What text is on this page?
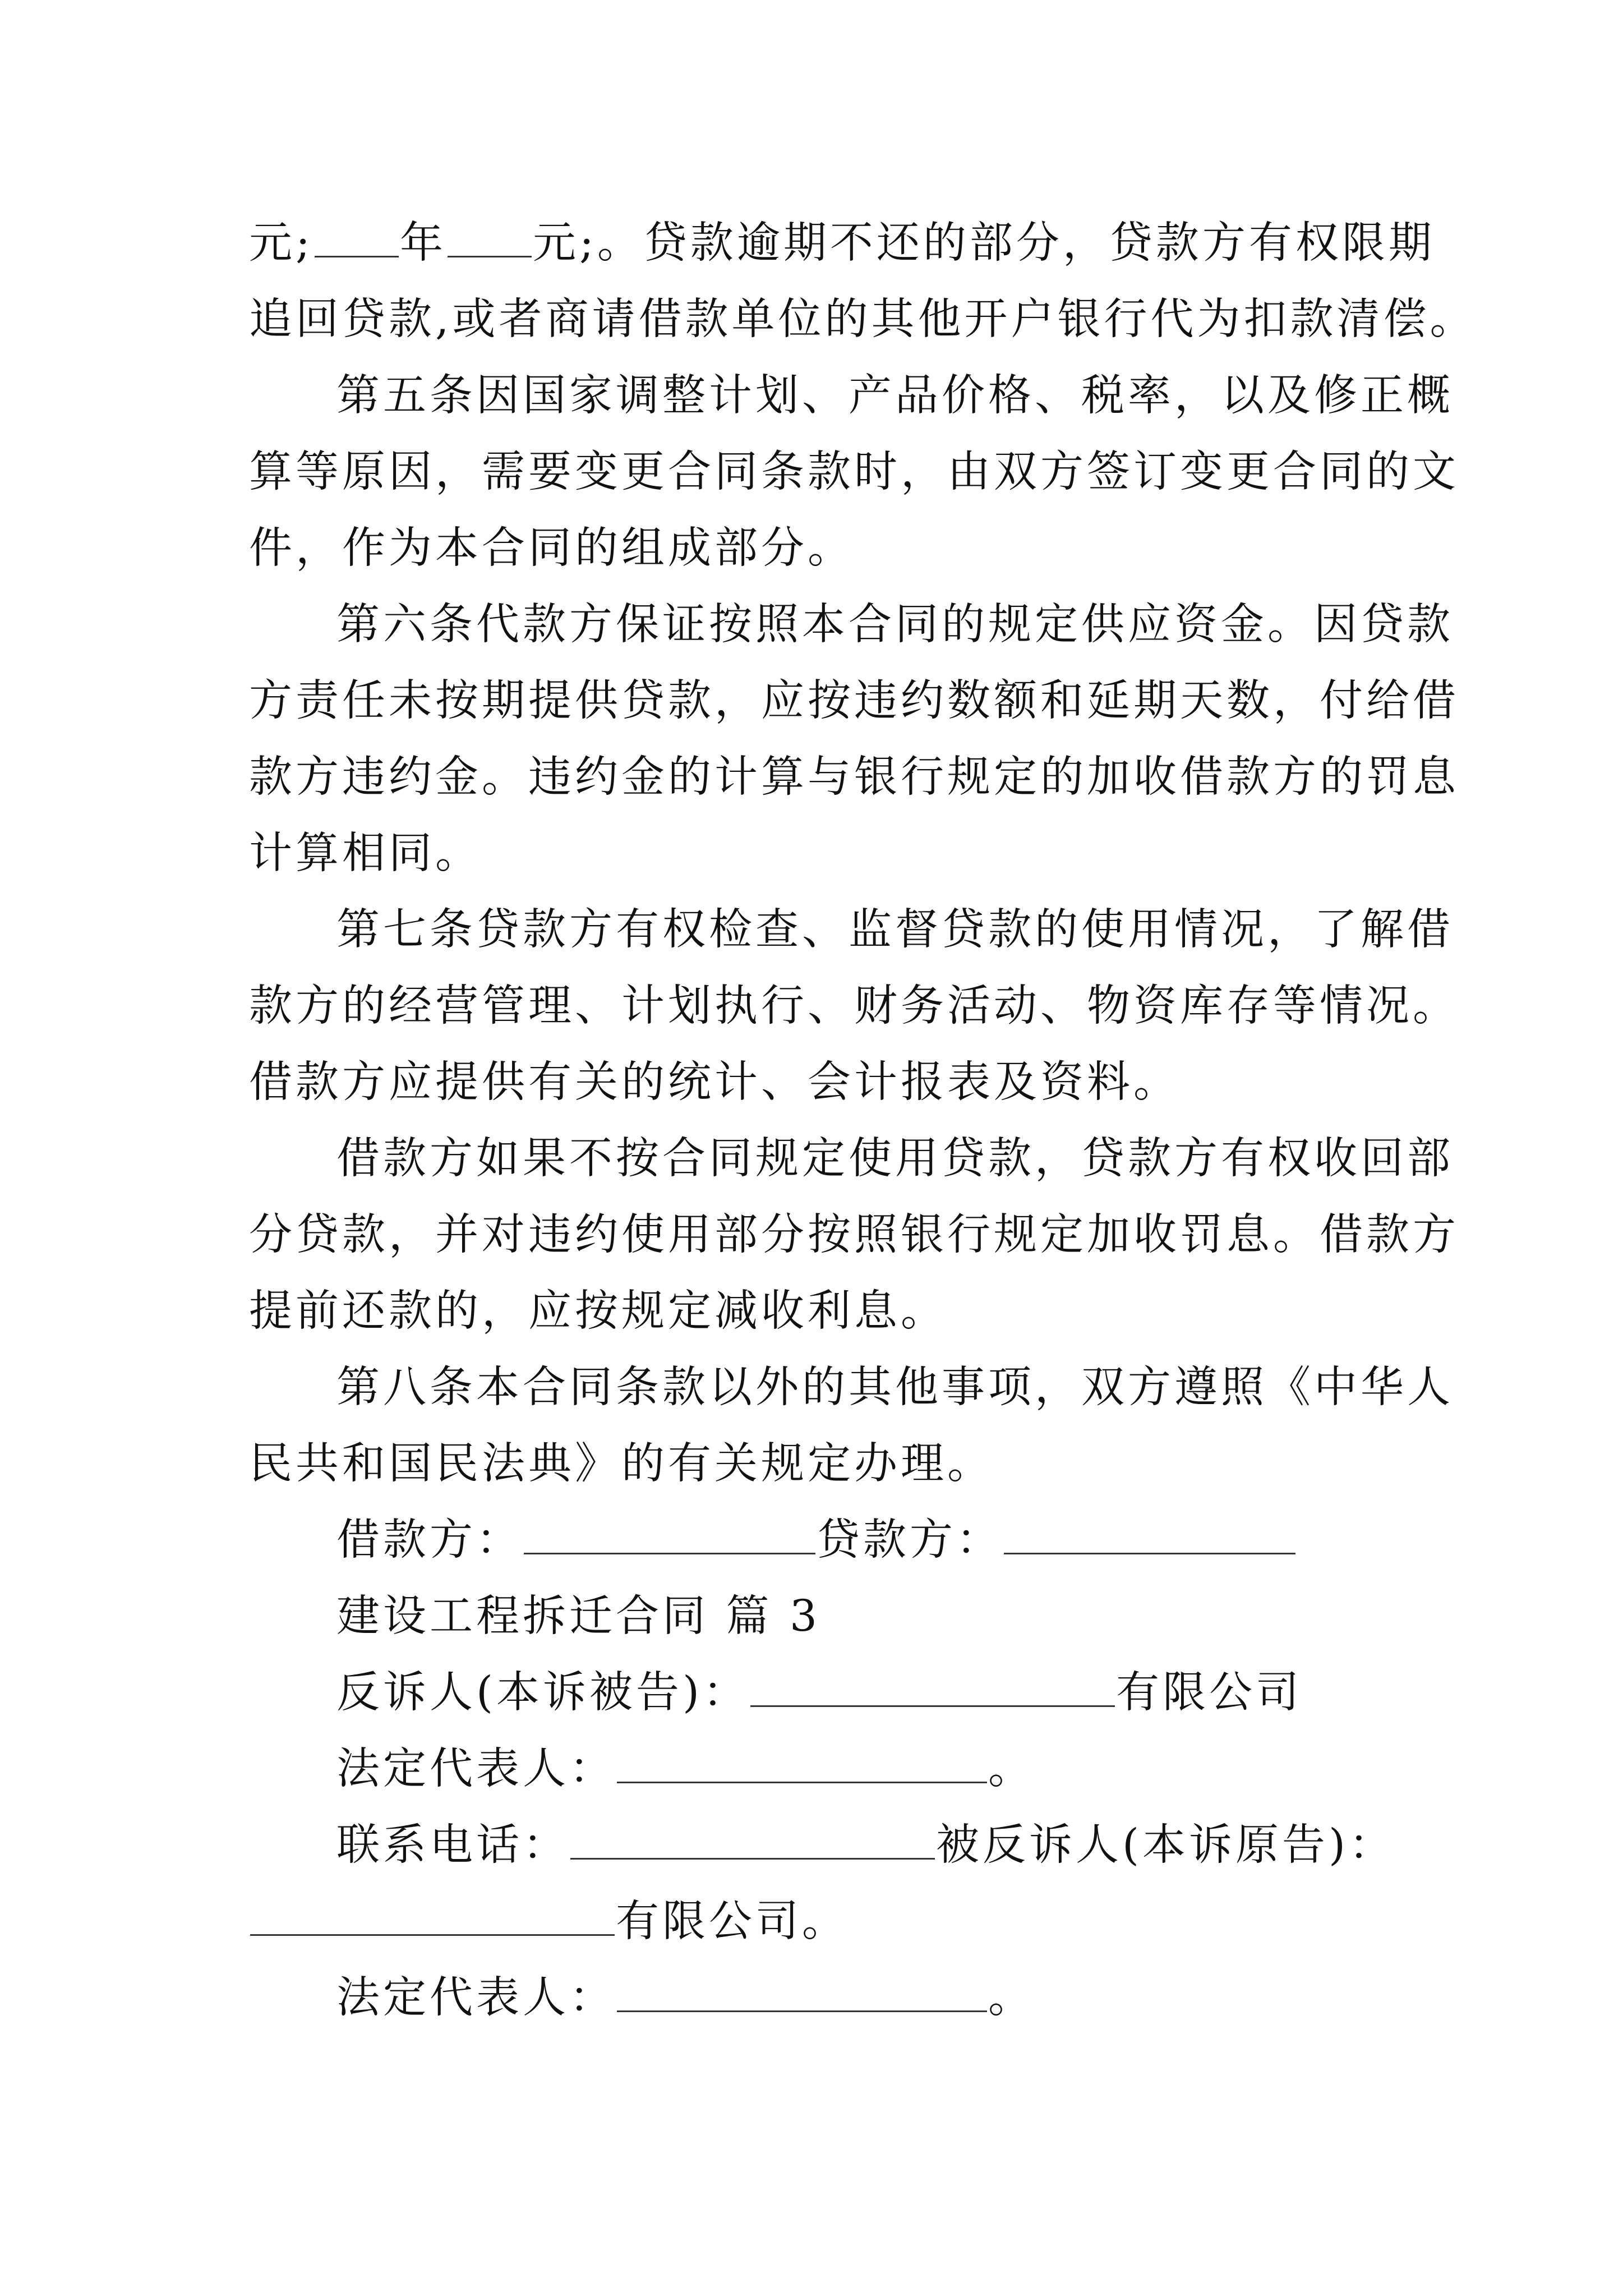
元; 年 元;。贷款逾期不还的部分，贷款方有权限期
追回贷款,或者商请借款单位的其他开户银行代为扣款清偿。
第五条因国家调整计划、产品价格、税率，以及修正概
算等原因，需要变更合同条款时，由双方签订变更合同的文
件，作为本合同的组成部分。
第六条代款方保证按照本合同的规定供应资金。因贷款
方责任未按期提供贷款，应按违约数额和延期天数，付给借
款方违约金。违约金的计算与银行规定的加收借款方的罚息
计算相同。
第七条贷款方有权检查、监督贷款的使用情况，了解借
款方的经营管理、计划执行、财务活动、物资库存等情况。
借款方应提供有关的统计、会计报表及资料。
借款方如果不按合同规定使用贷款，贷款方有权收回部
分贷款，并对违约使用部分按照银行规定加收罚息。借款方
提前还款的，应按规定减收利息。
第八条本合同条款以外的其他事项，双方遵照《中华人
民共和国民法典》的有关规定办理。
借款方：	贷款方：
建设工程拆迁合同 篇 3
反诉人(本诉被告)：	有限公司
法定代表人：	。
联系电话：	被反诉人(本诉原告)：
有限公司。
法定代表人：	。
